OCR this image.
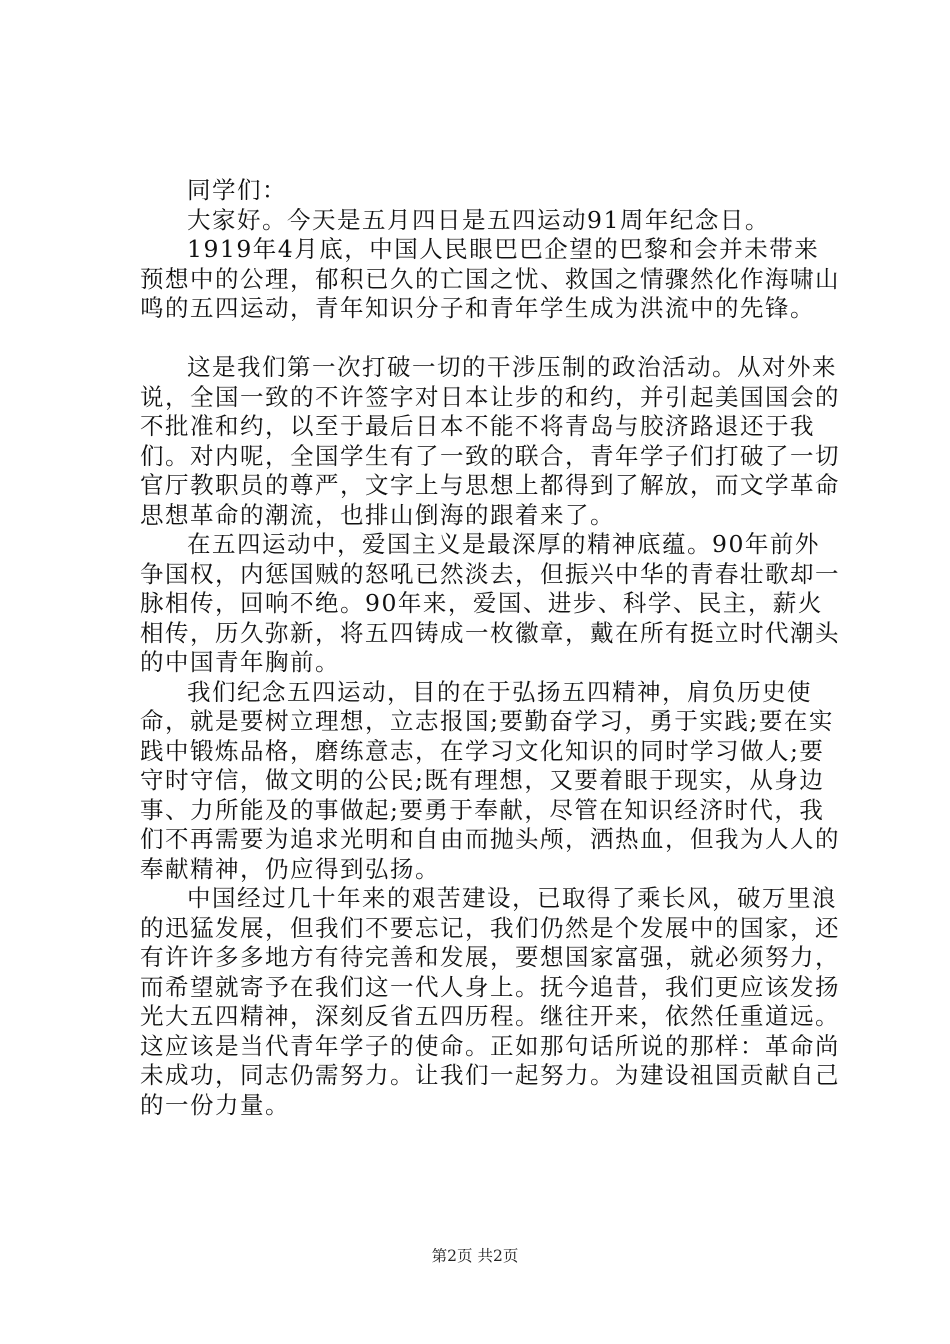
同学们：

大家好。今天是五月四日是五四运动91周年纪念日。

1919年4月底，中国人民眼巴巴企望的巴黎和会并未带来预想中的公理，郁积已久的亡国之忧、救国之情骤然化作海啸山鸣的五四运动，青年知识分子和青年学生成为洪流中的先锋。

这是我们第一次打破一切的干涉压制的政治活动。从对外来说，全国一致的不许签字对日本让步的和约，并引起美国国会的不批准和约，以至于最后日本不能不将青岛与胶济路退还于我们。对内呢，全国学生有了一致的联合，青年学子们打破了一切官厅教职员的尊严，文字上与思想上都得到了解放，而文学革命思想革命的潮流，也排山倒海的跟着来了。

在五四运动中，爱国主义是最深厚的精神底蕴。90年前外争国权，内惩国贼的怒吼已然淡去，但振兴中华的青春壮歌却一脉相传，回响不绝。90年来，爱国、进步、科学、民主，薪火相传，历久弥新，将五四铸成一枚徽章，戴在所有挺立时代潮头的中国青年胸前。

我们纪念五四运动，目的在于弘扬五四精神，肩负历史使命，就是要树立理想，立志报国;要勤奋学习，勇于实践;要在实践中锻炼品格，磨练意志，在学习文化知识的同时学习做人;要守时守信，做文明的公民;既有理想，又要着眼于现实，从身边事、力所能及的事做起;要勇于奉献，尽管在知识经济时代，我们不再需要为追求光明和自由而抛头颅，洒热血，但我为人人的奉献精神，仍应得到弘扬。

中国经过几十年来的艰苦建设，已取得了乘长风，破万里浪的迅猛发展，但我们不要忘记，我们仍然是个发展中的国家，还有许许多多地方有待完善和发展，要想国家富强，就必须努力，而希望就寄予在我们这一代人身上。抚今追昔，我们更应该发扬光大五四精神，深刻反省五四历程。继往开来，依然任重道远。这应该是当代青年学子的使命。正如那句话所说的那样：革命尚未成功，同志仍需努力。让我们一起努力。为建设祖国贡献自己的一份力量。

第2页 共2页
